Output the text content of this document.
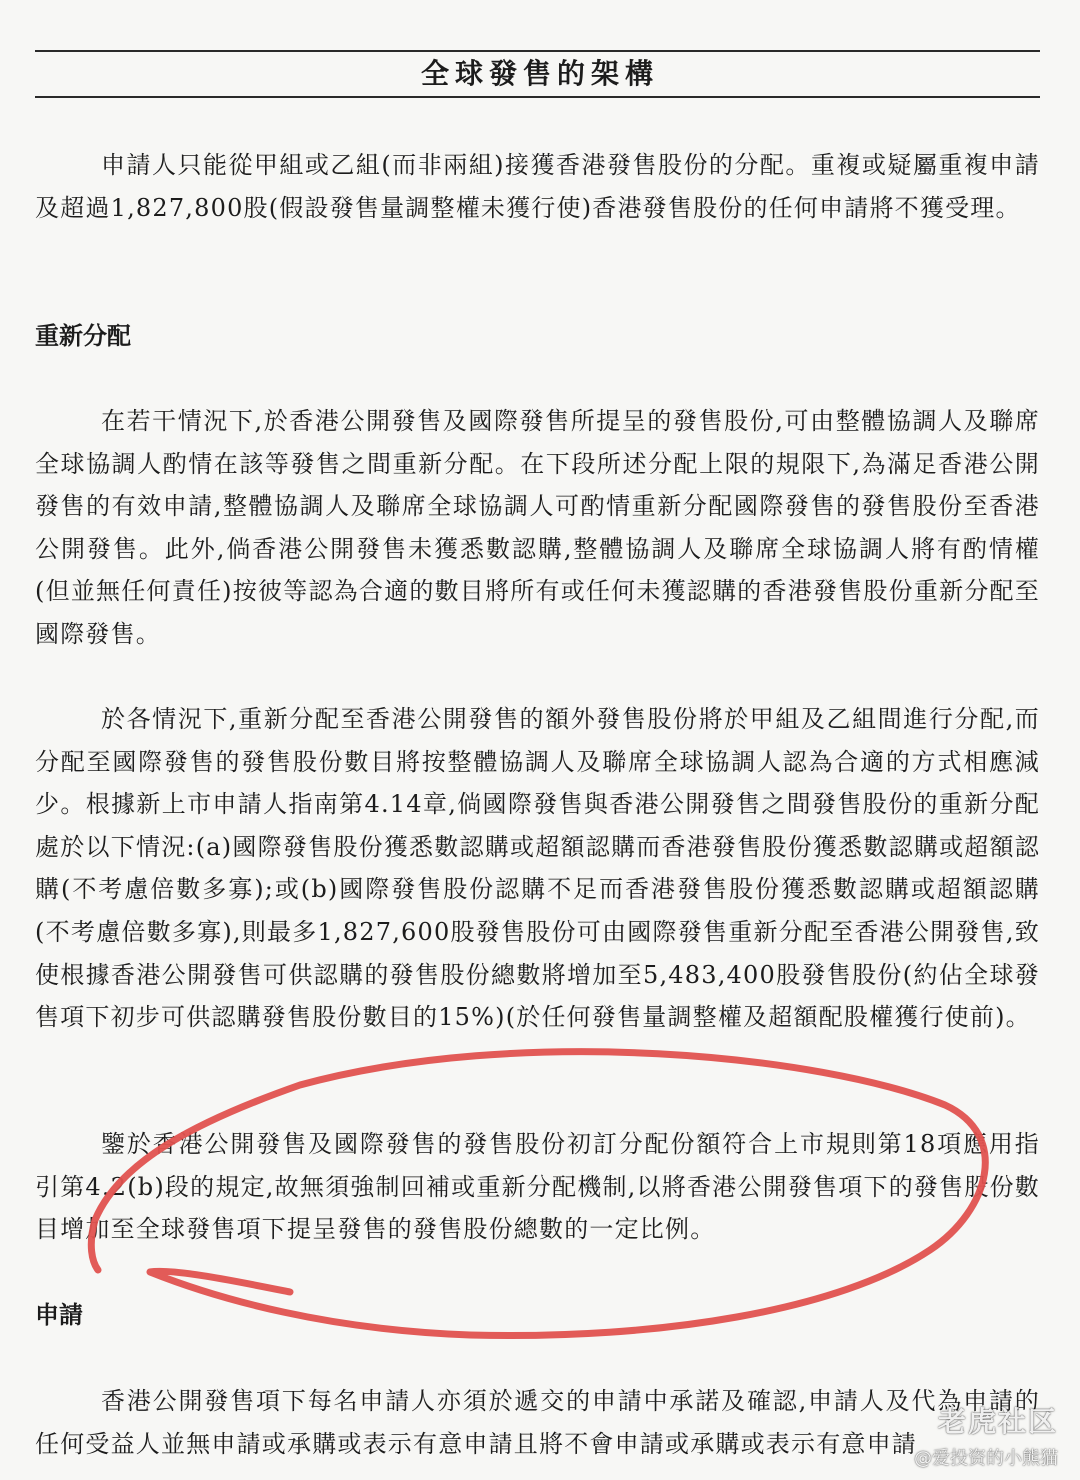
全球發售的架構

申請人只能從甲組或乙組(而非兩組)接獲香港發售股份的分配。重複或疑屬重複申請及超過1,827,800股(假設發售量調整權未獲行使)香港發售股份的任何申請將不獲受理。

重新分配

在若干情況下,於香港公開發售及國際發售所提呈的發售股份,可由整體協調人及聯席全球協調人酌情在該等發售之間重新分配。在下段所述分配上限的規限下,為滿足香港公開發售的有效申請,整體協調人及聯席全球協調人可酌情重新分配國際發售的發售股份至香港公開發售。此外,倘香港公開發售未獲悉數認購,整體協調人及聯席全球協調人將有酌情權(但並無任何責任)按彼等認為合適的數目將所有或任何未獲認購的香港發售股份重新分配至國際發售。

於各情況下,重新分配至香港公開發售的額外發售股份將於甲組及乙組間進行分配,而分配至國際發售的發售股份數目將按整體協調人及聯席全球協調人認為合適的方式相應減少。根據新上市申請人指南第4.14章,倘國際發售與香港公開發售之間發售股份的重新分配處於以下情況:(a)國際發售股份獲悉數認購或超額認購而香港發售股份獲悉數認購或超額認購(不考慮倍數多寡);或(b)國際發售股份認購不足而香港發售股份獲悉數認購或超額認購(不考慮倍數多寡),則最多1,827,600股發售股份可由國際發售重新分配至香港公開發售,致使根據香港公開發售可供認購的發售股份總數將增加至5,483,400股發售股份(約佔全球發售項下初步可供認購發售股份數目的15%)(於任何發售量調整權及超額配股權獲行使前)。

鑒於香港公開發售及國際發售的發售股份初訂分配份額符合上市規則第18項應用指引第4.2(b)段的規定,故無須強制回補或重新分配機制,以將香港公開發售項下的發售股份數目增加至全球發售項下提呈發售的發售股份總數的一定比例。

申請

香港公開發售項下每名申請人亦須於遞交的申請中承諾及確認,申請人及代為申請的任何受益人並無申請或承購或表示有意申請且將不會申請或承購或表示有意申請

老虎社区
@爱投资的小熊猫
